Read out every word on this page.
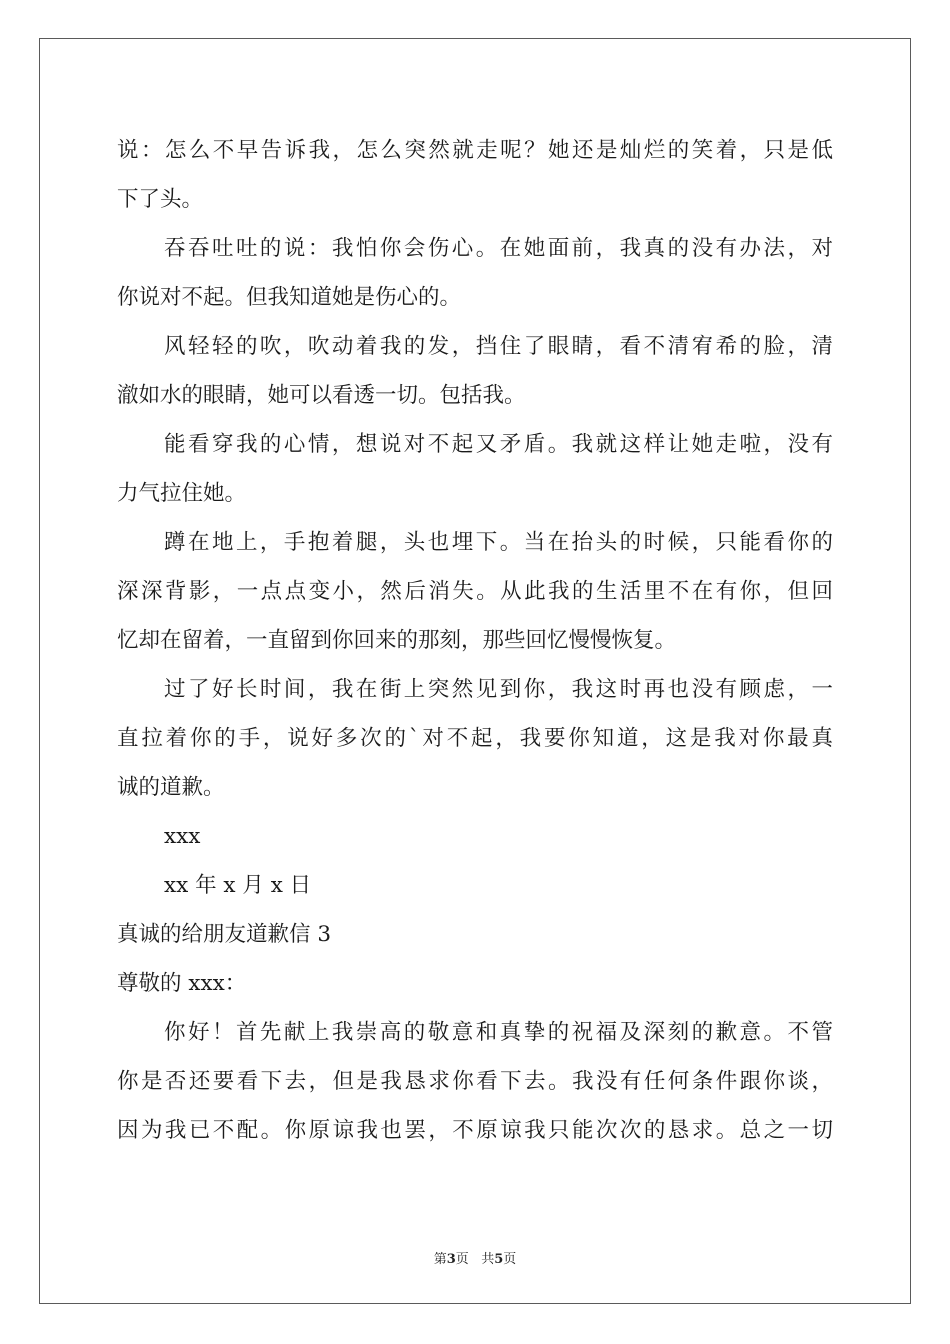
说：怎么不早告诉我，怎么突然就走呢？她还是灿烂的笑着，只是低
下了头。
吞吞吐吐的说：我怕你会伤心。在她面前，我真的没有办法，对
你说对不起。但我知道她是伤心的。
风轻轻的吹，吹动着我的发，挡住了眼睛，看不清宥希的脸，清
澈如水的眼睛，她可以看透一切。包括我。
能看穿我的心情，想说对不起又矛盾。我就这样让她走啦，没有
力气拉住她。
蹲在地上，手抱着腿，头也埋下。当在抬头的时候，只能看你的
深深背影，一点点变小，然后消失。从此我的生活里不在有你，但回
忆却在留着，一直留到你回来的那刻，那些回忆慢慢恢复。
过了好长时间，我在街上突然见到你，我这时再也没有顾虑，一
直拉着你的手，说好多次的`对不起，我要你知道，这是我对你最真
诚的道歉。
xxx
xx 年 x 月 x 日
真诚的给朋友道歉信 3
尊敬的 xxx：
你好！首先献上我崇高的敬意和真挚的祝福及深刻的歉意。不管
你是否还要看下去，但是我恳求你看下去。我没有任何条件跟你谈，
因为我已不配。你原谅我也罢，不原谅我只能次次的恳求。总之一切
第3页 共5页
